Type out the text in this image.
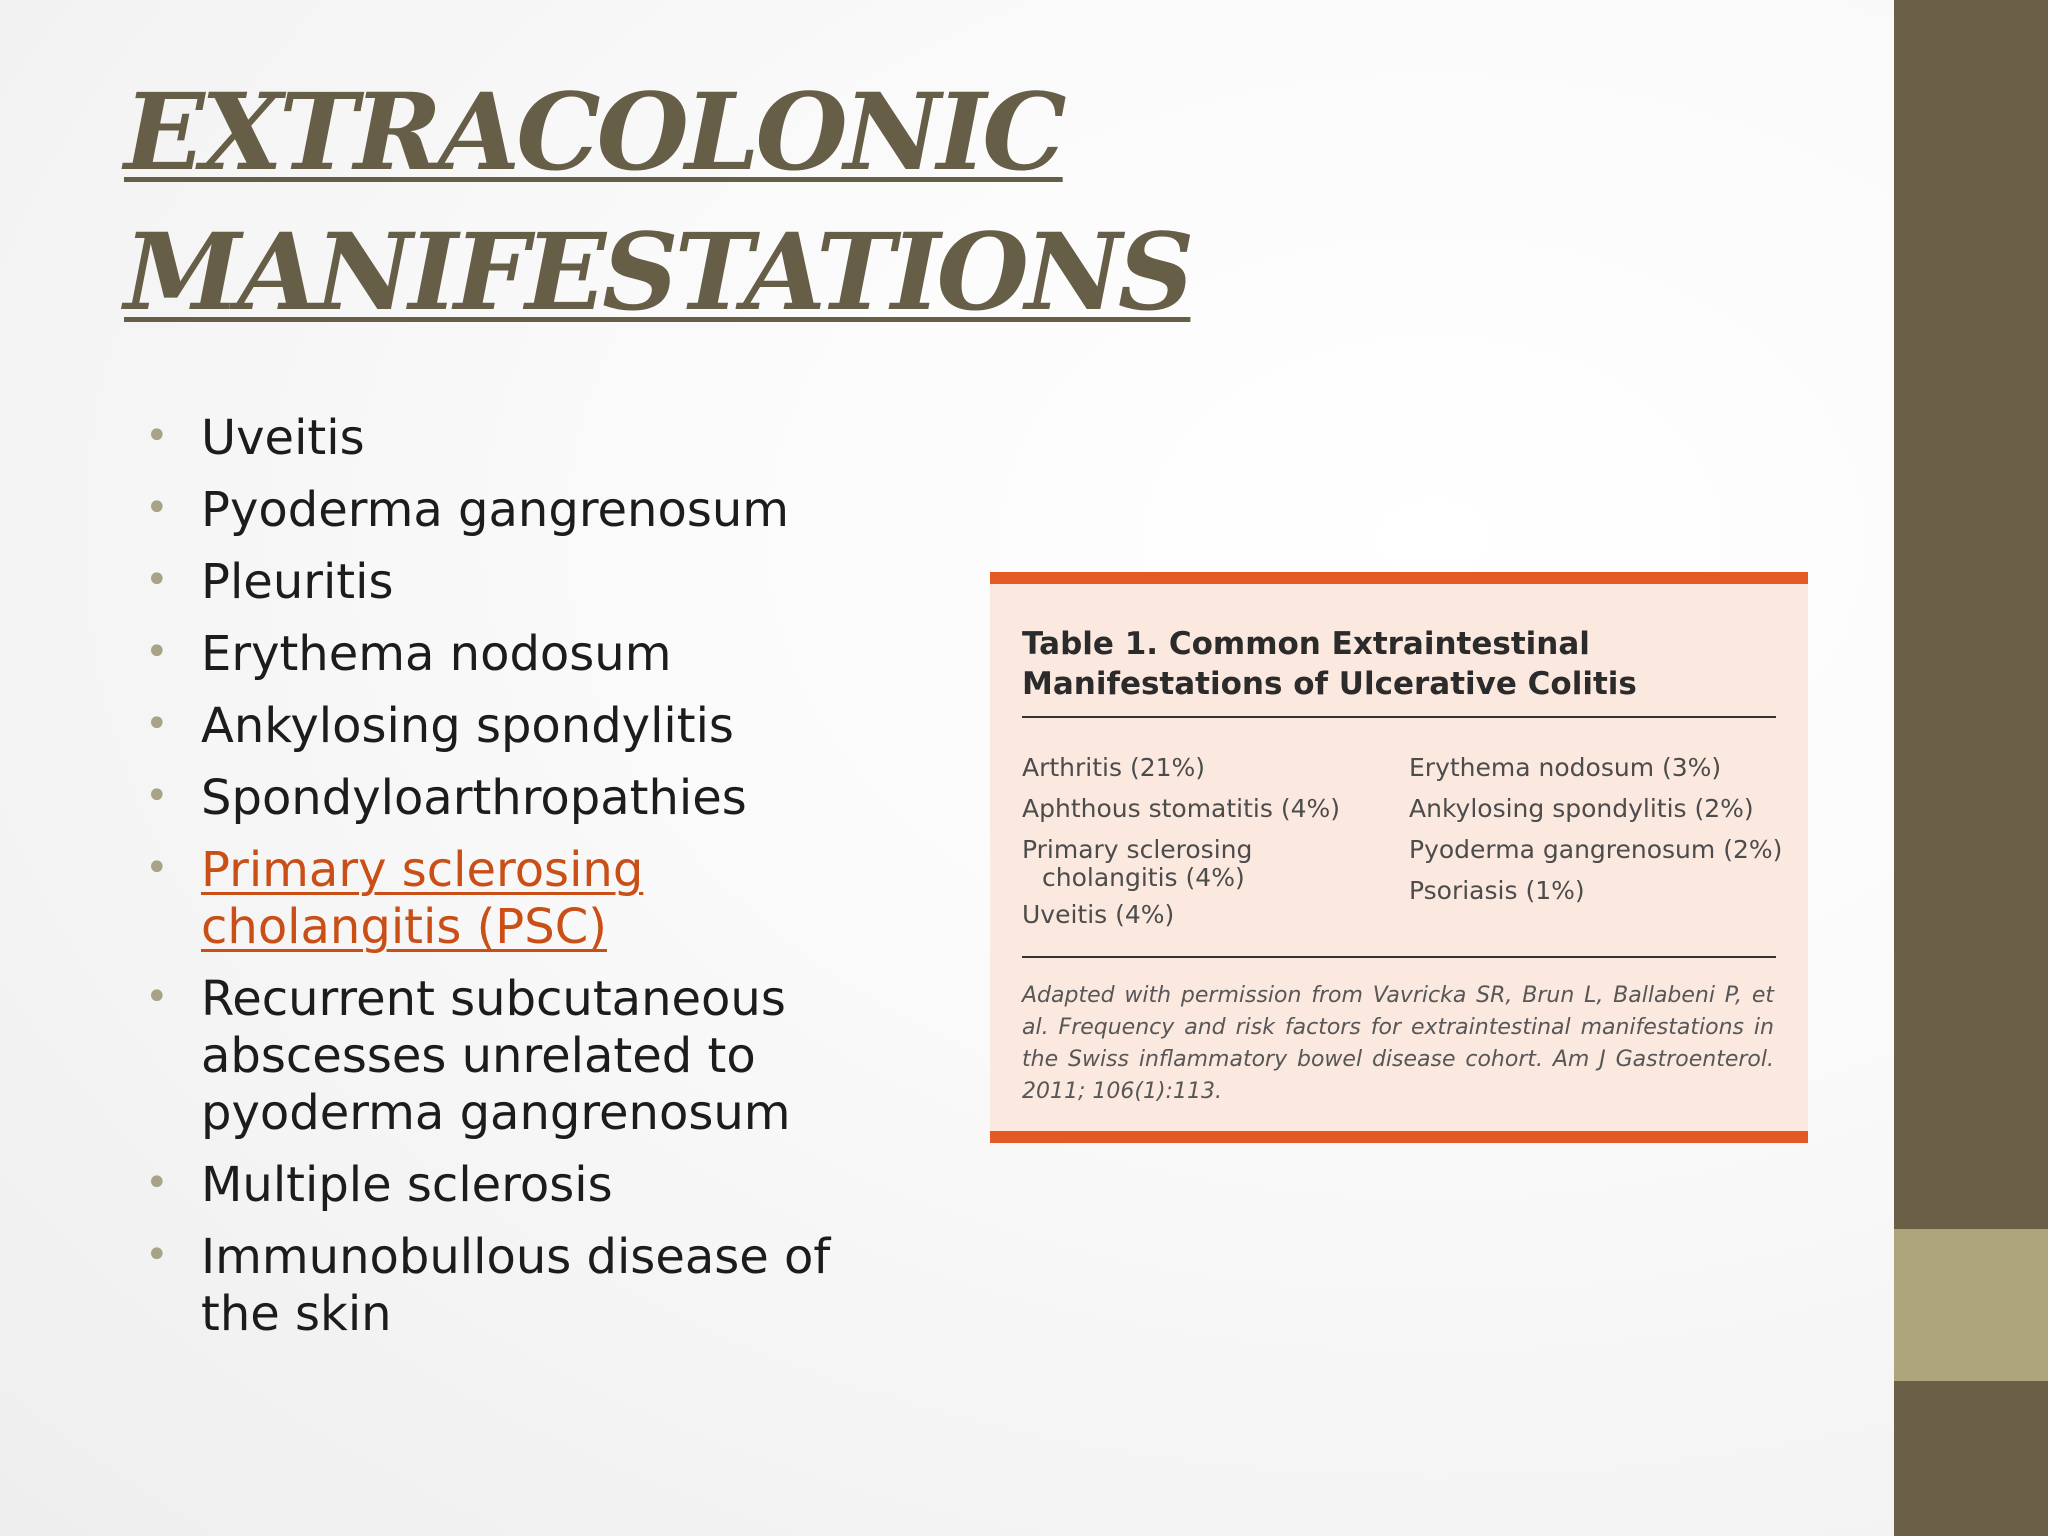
EXTRACOLONIC
MANIFESTATIONS
• Uveitis
• Pyoderma gangrenosum
• Pleuritis
• Erythema nodosum
• Ankylosing spondylitis
• Spondyloarthropathies
• Primary sclerosing cholangitis (PSC)
• Recurrent subcutaneous abscesses unrelated to pyoderma gangrenosum
• Multiple sclerosis
• Immunobullous disease of the skin
Table 1. Common Extraintestinal
Manifestations of Ulcerative Colitis
Arthritis (21%)
Aphthous stomatitis (4%)
Primary sclerosing
cholangitis (4%)
Uveitis (4%)
Erythema nodosum (3%)
Ankylosing spondylitis (2%)
Pyoderma gangrenosum (2%)
Psoriasis (1%)

Adapted with permission from Vavricka SR, Brun L, Ballabeni P, et al. Frequency and risk factors for extraintestinal manifestations in the Swiss inflammatory bowel disease cohort. Am J Gastroenterol. 2011; 106(1):113.
